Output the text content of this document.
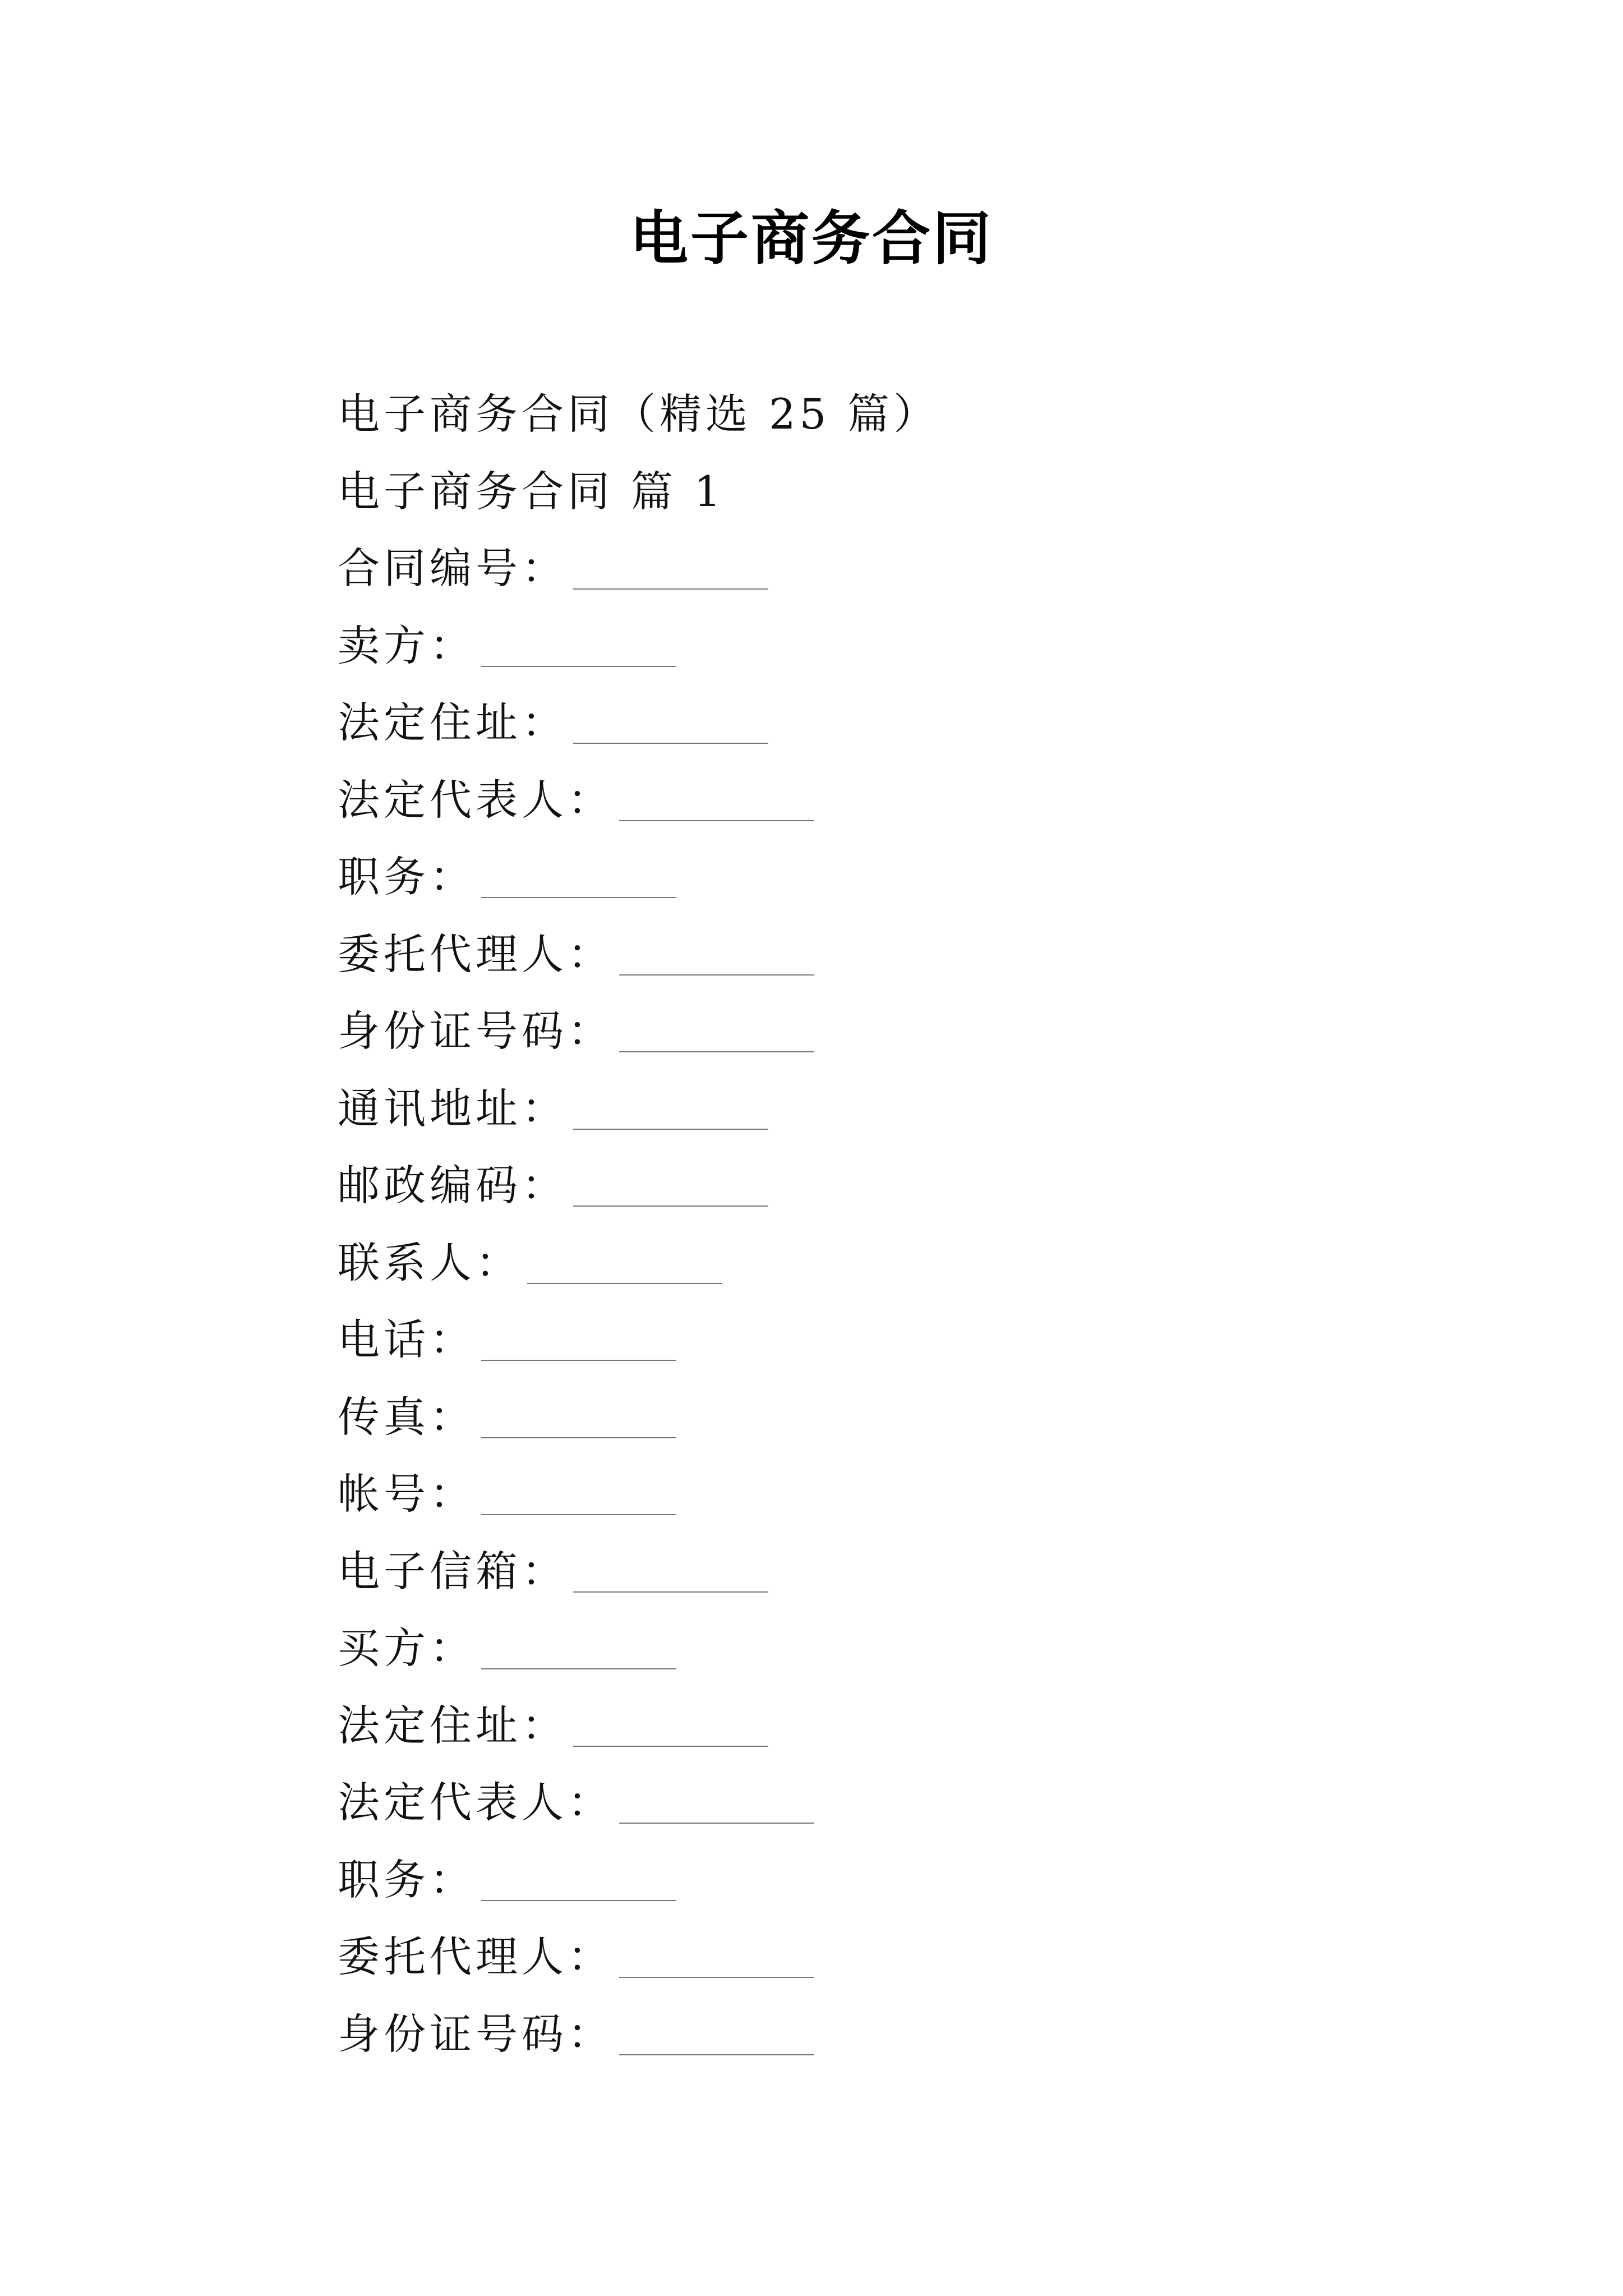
电子商务合同
电子商务合同（精选 25 篇）
电子商务合同 篇 1
合同编号：
卖方：
法定住址：
法定代表人：
职务：
委托代理人：
身份证号码：
通讯地址：
邮政编码：
联系人：
电话：
传真：
帐号：
电子信箱：
买方：
法定住址：
法定代表人：
职务：
委托代理人：
身份证号码：
